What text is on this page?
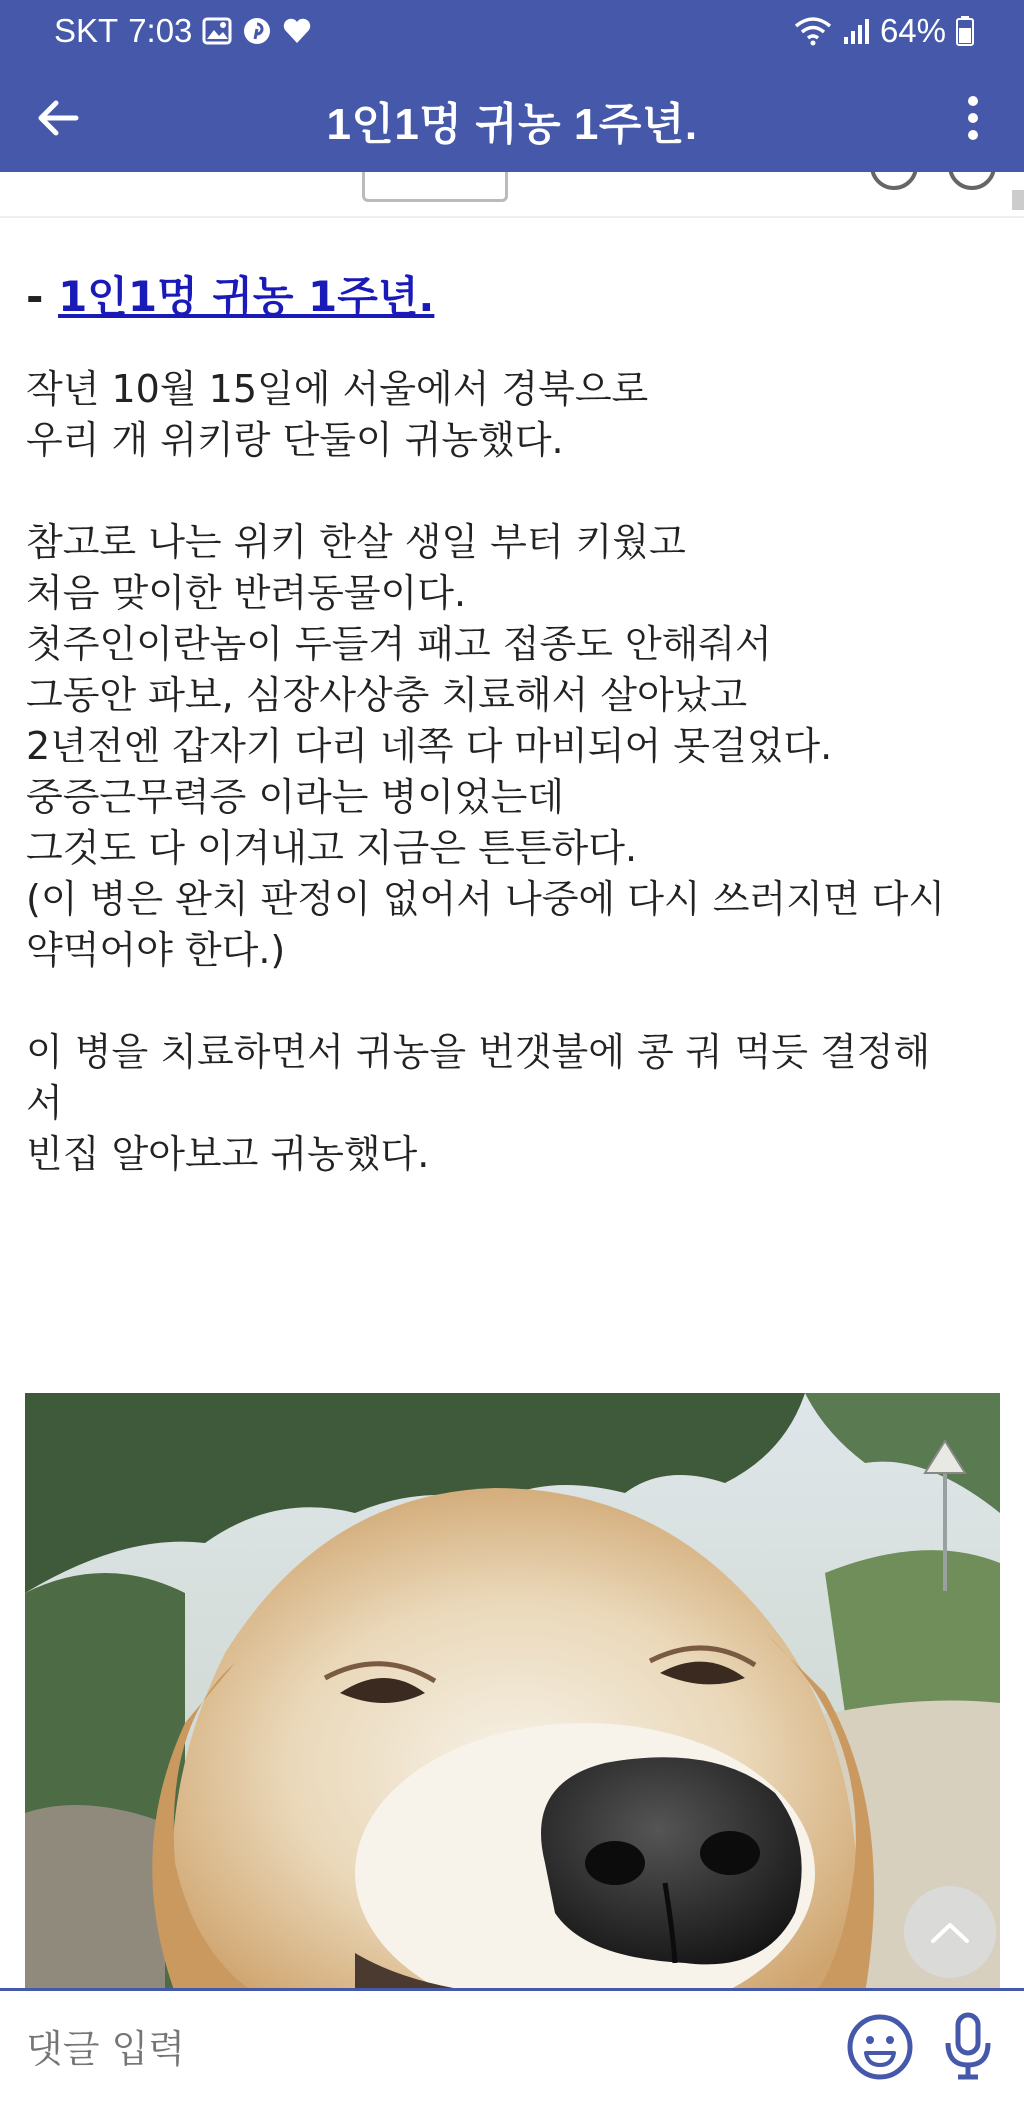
SKT 7:03	64%
1인1멍 귀농 1주년.

- 1인1멍 귀농 1주년.

작년 10월 15일에 서울에서 경북으로

우리 개 위키랑 단둘이 귀농했다.

참고로 나는 위키 한살 생일 부터 키웠고

처음 맞이한 반려동물이다.

첫주인이란놈이 두들겨 패고 접종도 안해줘서

그동안 파보, 심장사상충 치료해서 살아났고

2년전엔 갑자기 다리 네쪽 다 마비되어 못걸었다.

중증근무력증 이라는 병이었는데

그것도 다 이겨내고 지금은 튼튼하다.

(이 병은 완치 판정이 없어서 나중에 다시 쓰러지면 다시

약먹어야 한다.)

이 병을 치료하면서 귀농을 번갯불에 콩 궈 먹듯 결정해

서

빈집 알아보고 귀농했다.

댓글 입력
